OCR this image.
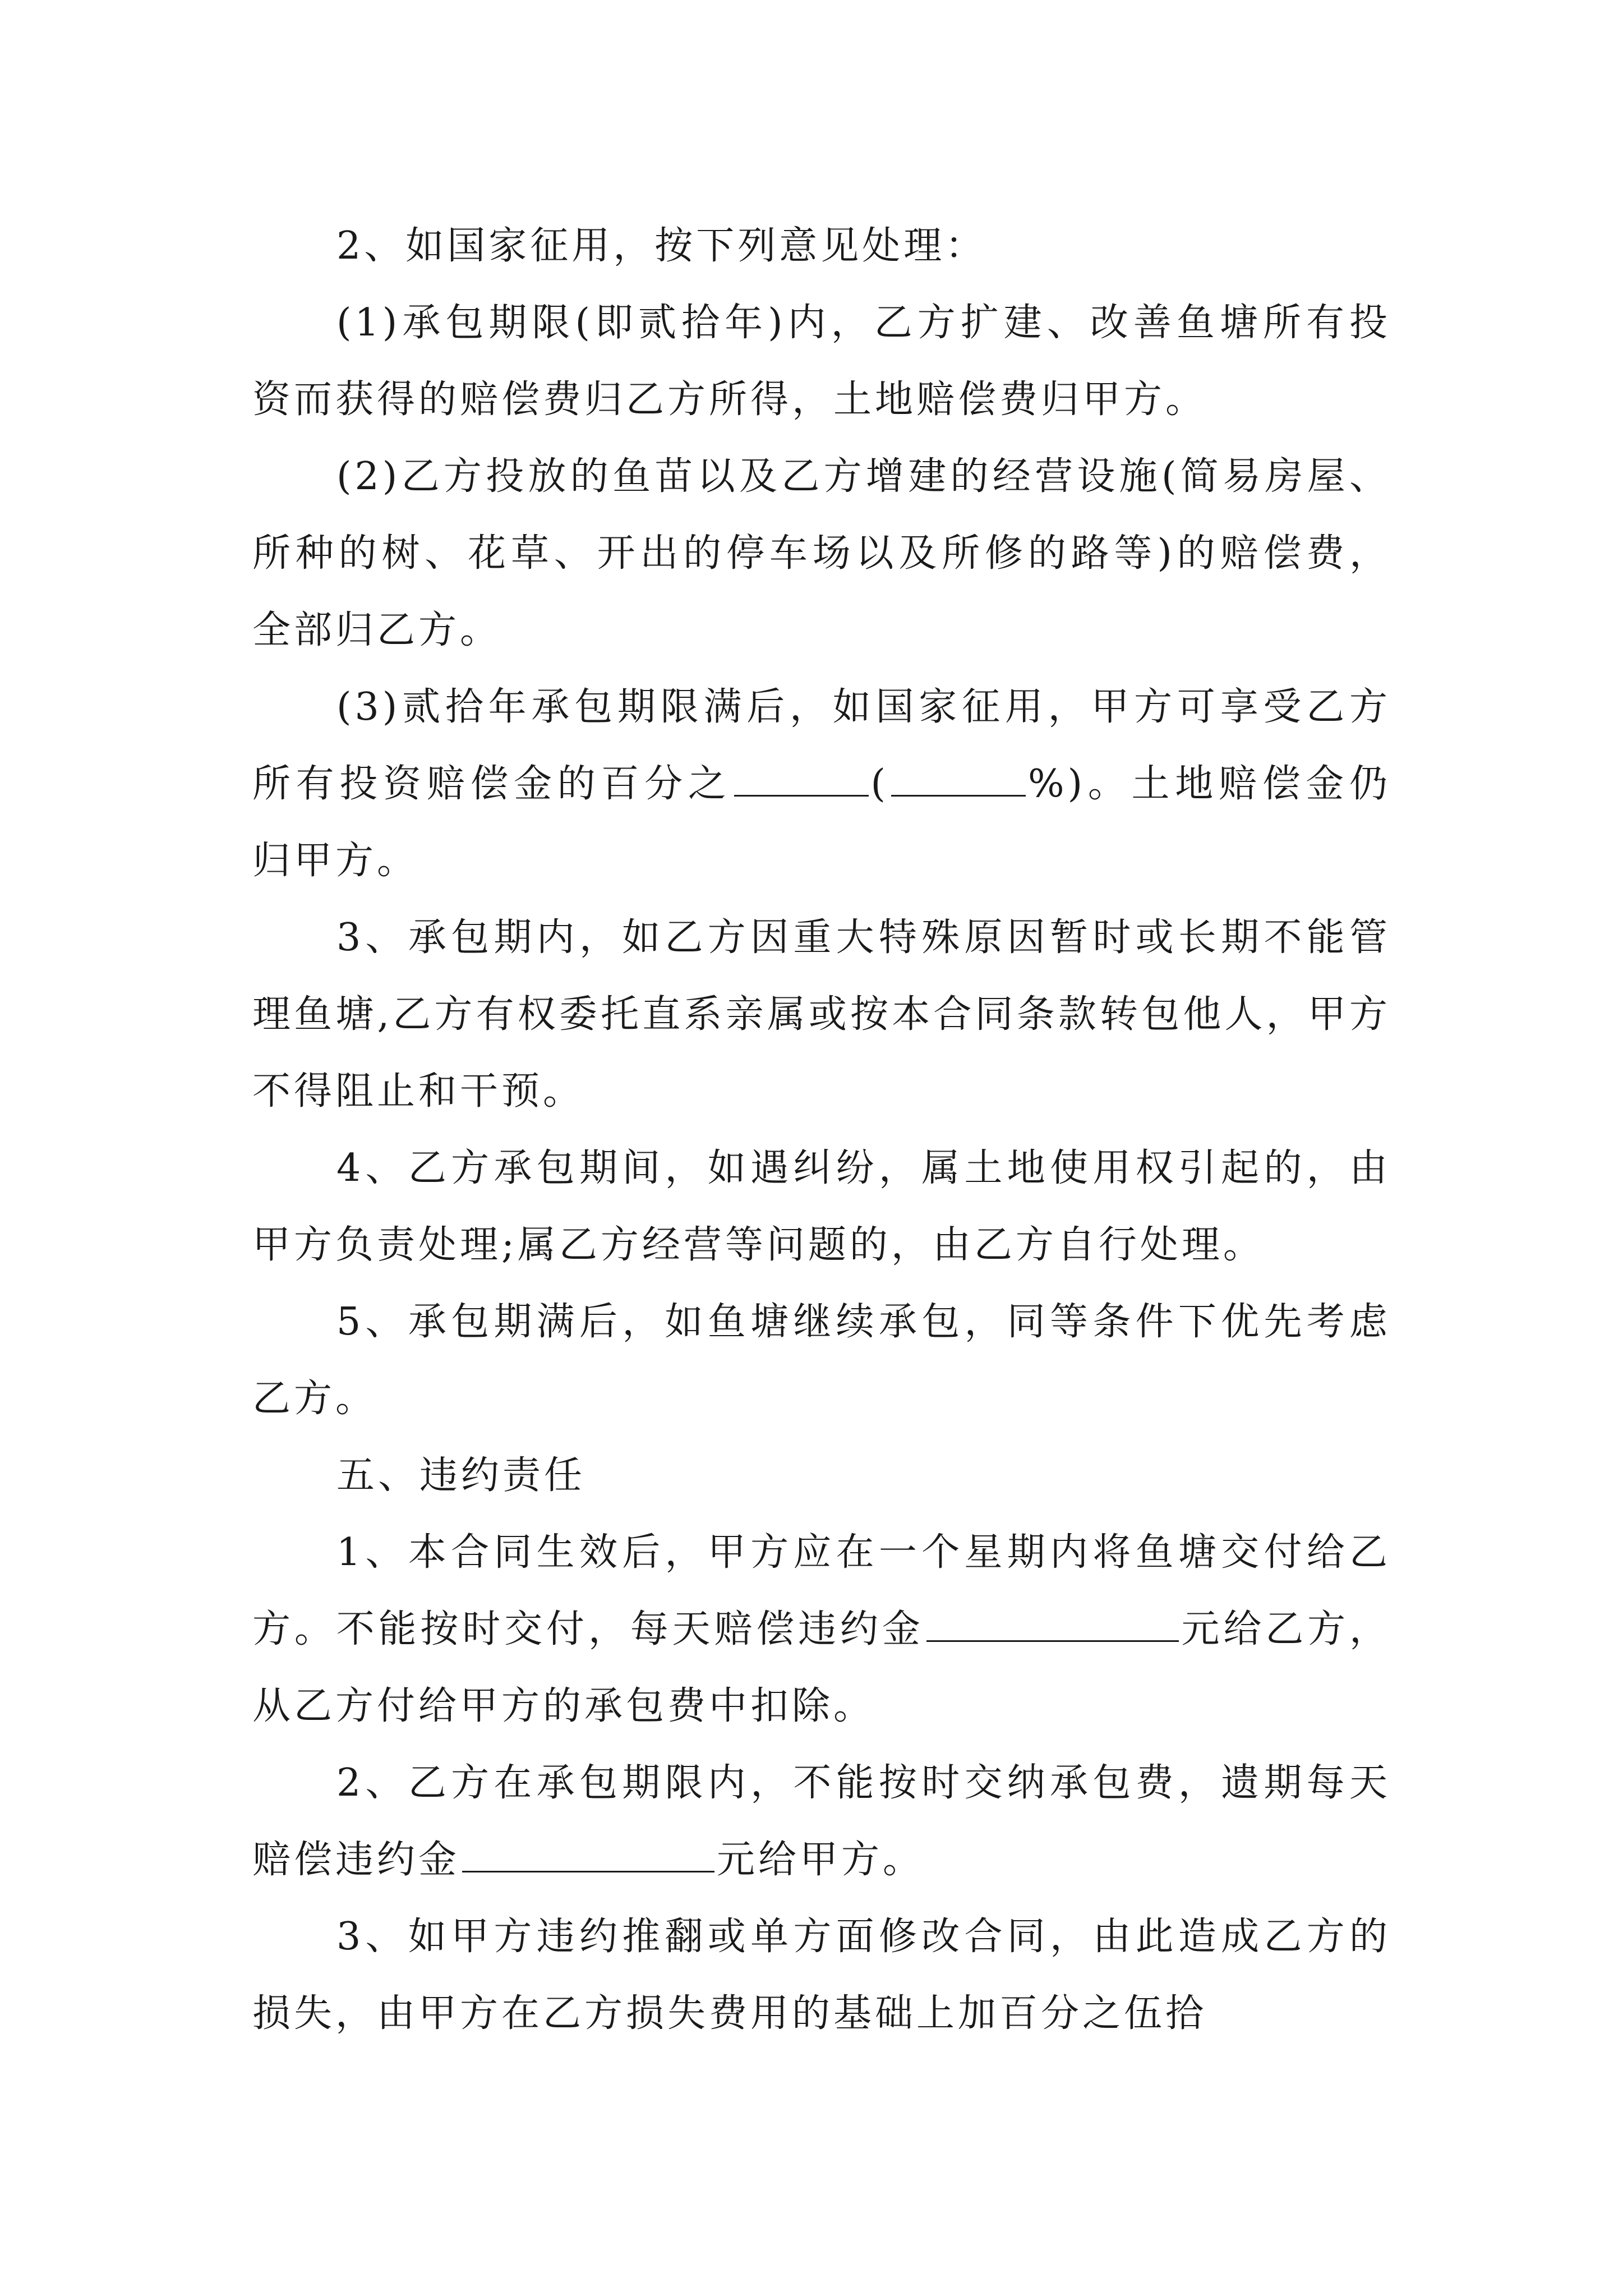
2、如国家征用，按下列意见处理：

(1)承包期限(即贰拾年)内，乙方扩建、改善鱼塘所有投资而获得的赔偿费归乙方所得，土地赔偿费归甲方。

(2)乙方投放的鱼苗以及乙方增建的经营设施(简易房屋、所种的树、花草、开出的停车场以及所修的路等)的赔偿费，全部归乙方。

(3)贰拾年承包期限满后，如国家征用，甲方可享受乙方所有投资赔偿金的百分之	(	%)。土地赔偿金仍归甲方。

3、承包期内，如乙方因重大特殊原因暂时或长期不能管理鱼塘,乙方有权委托直系亲属或按本合同条款转包他人，甲方不得阻止和干预。

4、乙方承包期间，如遇纠纷，属土地使用权引起的，由甲方负责处理;属乙方经营等问题的，由乙方自行处理。

5、承包期满后，如鱼塘继续承包，同等条件下优先考虑乙方。

五、违约责任

1、本合同生效后，甲方应在一个星期内将鱼塘交付给乙方。不能按时交付，每天赔偿违约金	元给乙方，从乙方付给甲方的承包费中扣除。

2、乙方在承包期限内，不能按时交纳承包费，遗期每天赔偿违约金	元给甲方。

3、如甲方违约推翻或单方面修改合同，由此造成乙方的损失，由甲方在乙方损失费用的基础上加百分之伍拾
